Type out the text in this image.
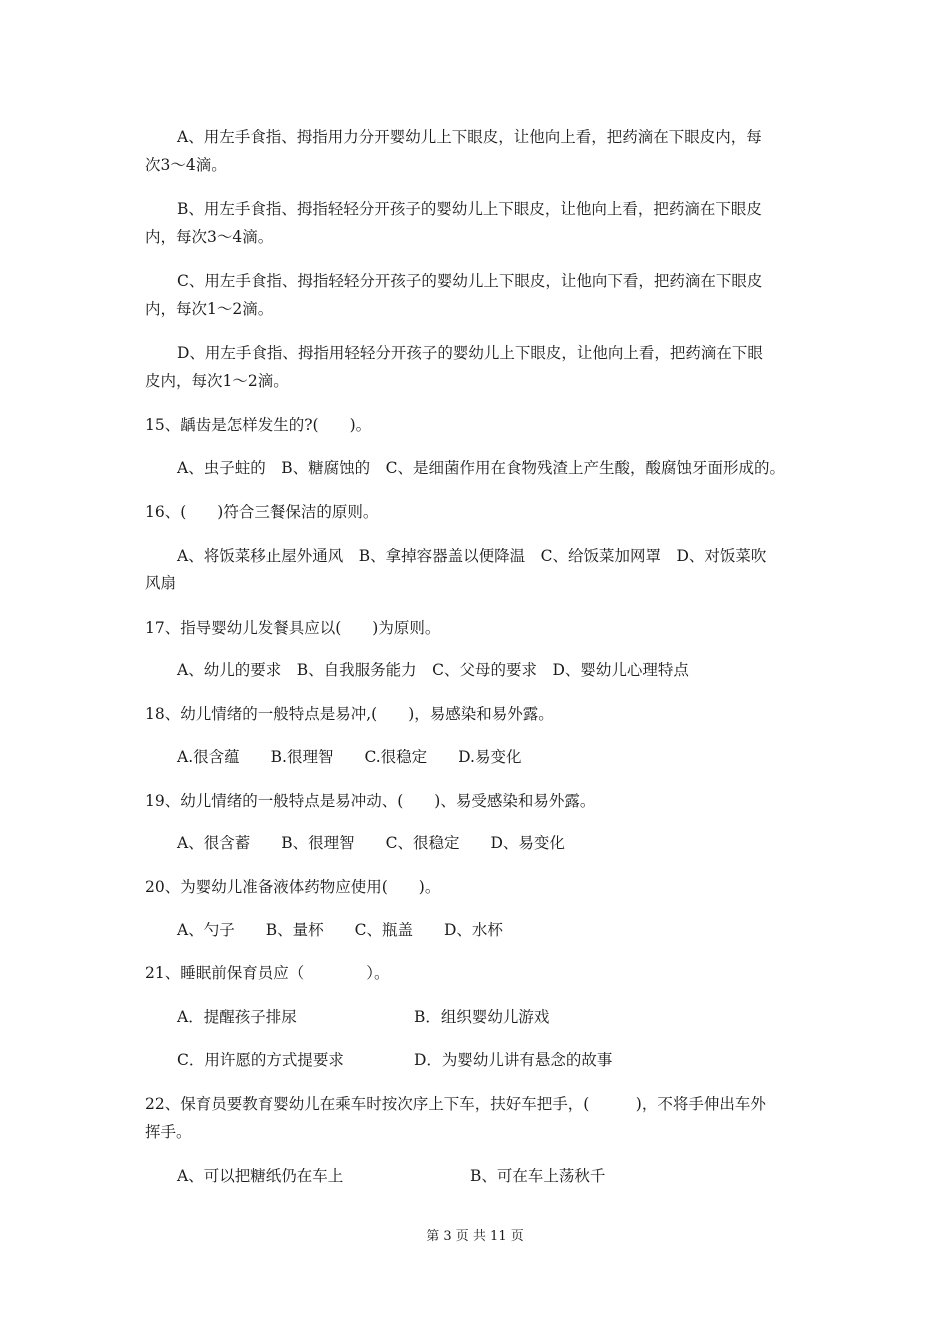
A、用左手食指、拇指用力分开婴幼儿上下眼皮，让他向上看，把药滴在下眼皮内，每
次3～4滴。
B、用左手食指、拇指轻轻分开孩子的婴幼儿上下眼皮，让他向上看，把药滴在下眼皮
内，每次3～4滴。
C、用左手食指、拇指轻轻分开孩子的婴幼儿上下眼皮，让他向下看，把药滴在下眼皮
内，每次1～2滴。
D、用左手食指、拇指用轻轻分开孩子的婴幼儿上下眼皮，让他向上看，把药滴在下眼
皮内，每次1～2滴。
15、龋齿是怎样发生的?(　　)。
A、虫子蛀的　B、糖腐蚀的　C、是细菌作用在食物残渣上产生酸，酸腐蚀牙面形成的。
16、(　　)符合三餐保洁的原则。
A、将饭菜移止屋外通风　B、拿掉容器盖以便降温　C、给饭菜加网罩　D、对饭菜吹
风扇
17、指导婴幼儿发餐具应以(　　)为原则。
A、幼儿的要求　B、自我服务能力　C、父母的要求　D、婴幼儿心理特点
18、幼儿情绪的一般特点是易冲,(　　)，易感染和易外露。
A.很含蕴　　B.很理智　　C.很稳定　　D.易变化
19、幼儿情绪的一般特点是易冲动、(　　)、易受感染和易外露。
A、很含蓄　　B、很理智　　C、很稳定　　D、易变化
20、为婴幼儿准备液体药物应使用(　　)。
A、勺子　　B、量杯　　C、瓶盖　　D、水杯
21、睡眠前保育员应（　　　　）。
A．提醒孩子排尿	B．组织婴幼儿游戏
C．用许愿的方式提要求	D．为婴幼儿讲有悬念的故事
22、保育员要教育婴幼儿在乘车时按次序上下车，扶好车把手，(　　　)，不将手伸出车外
挥手。
A、可以把糖纸仍在车上	B、可在车上荡秋千
第 3 页 共 11 页
